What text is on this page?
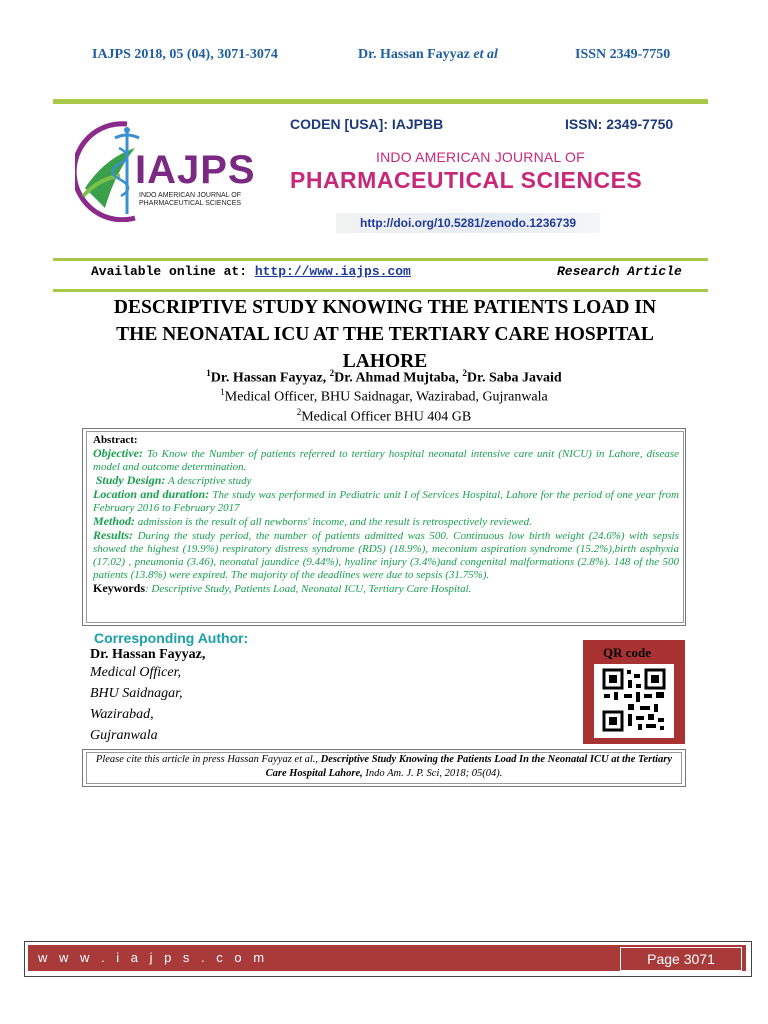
IAJPS 2018, 05 (04), 3071-3074	Dr. Hassan Fayyaz et al	ISSN 2349-7750
IAJPS
INDO AMERICAN JOURNAL OF
PHARMACEUTICAL SCIENCES
CODEN [USA]: IAJPBB	ISSN: 2349-7750
INDO AMERICAN JOURNAL OF
PHARMACEUTICAL SCIENCES
http://doi.org/10.5281/zenodo.1236739
Available online at: http://www.iajps.com	Research Article
DESCRIPTIVE STUDY KNOWING THE PATIENTS LOAD IN
THE NEONATAL ICU AT THE TERTIARY CARE HOSPITAL
LAHORE
$^1$Dr. Hassan Fayyaz, $^2$Dr. Ahmad Mujtaba, $^2$Dr. Saba Javaid
$^1$Medical Officer, BHU Saidnagar, Wazirabad, Gujranwala
$^2$Medical Officer BHU 404 GB
Abstract:
Objective: To Know the Number of patients referred to tertiary hospital neonatal intensive care unit (NICU) in Lahore, disease model and outcome determination.
Study Design: A descriptive study
Location and duration: The study was performed in Pediatric unit I of Services Hospital, Lahore for the period of one year from February 2016 to February 2017
Method: admission is the result of all newborns' income, and the result is retrospectively reviewed.
Results: During the study period, the number of patients admitted was 500. Continuous low birth weight (24.6%) with sepsis showed the highest (19.9%) respiratory distress syndrome (RDS) (18.9%), meconium aspiration syndrome (15.2%),birth asphyxia (17.02) , pneumonia (3.46), neonatal jaundice (9.44%), hyaline injury (3.4%)and congenital malformations (2.8%). 148 of the 500 patients (13.8%) were expired. The majority of the deadlines were due to sepsis (31.75%).
Keywords: Descriptive Study, Patients Load, Neonatal ICU, Tertiary Care Hospital.
Corresponding Author:
Dr. Hassan Fayyaz,
Medical Officer,
BHU Saidnagar,
Wazirabad,
Gujranwala
QR code
Please cite this article in press Hassan Fayyaz et al., Descriptive Study Knowing the Patients Load In the Neonatal ICU at the Tertiary Care Hospital Lahore, Indo Am. J. P. Sci, 2018; 05(04).
w w w . i a j p s . c o m	Page 3071
